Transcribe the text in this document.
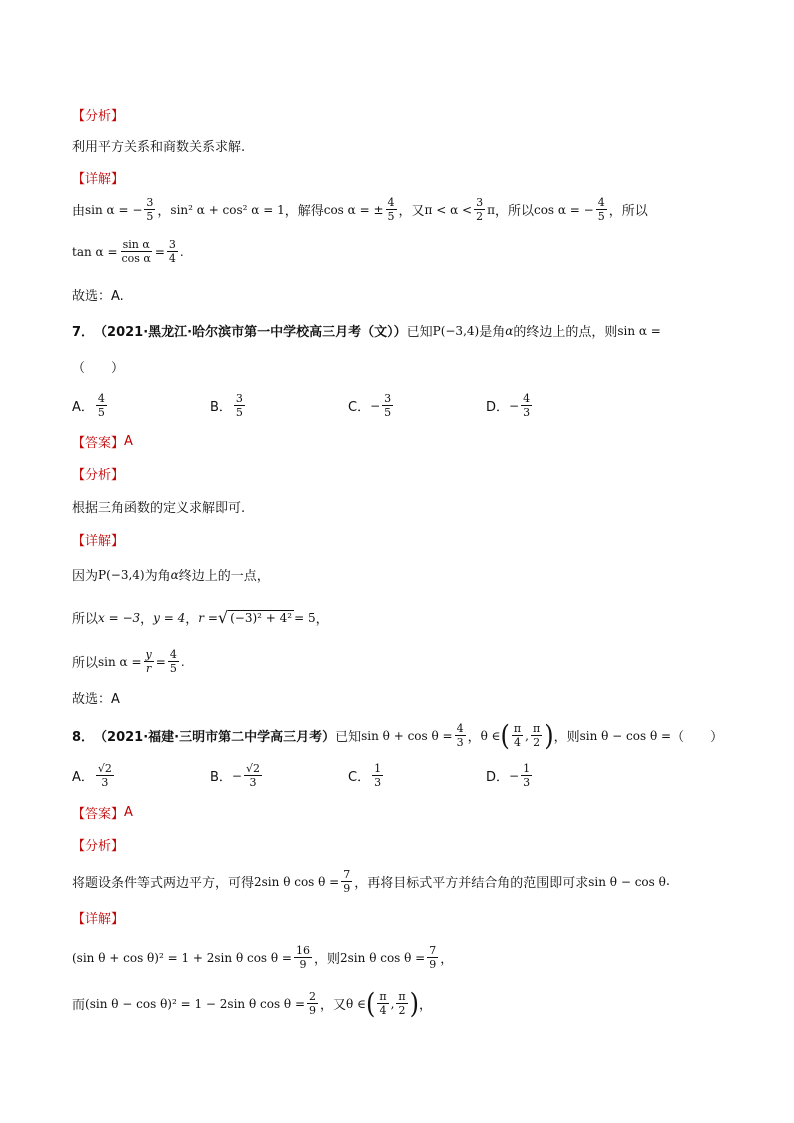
【分析】
利用平方关系和商数关系求解.
【详解】
由 sin α = − $\frac{3}{5}$ ， sin² α + cos² α = 1 ，解得 cos α = ± $\frac{4}{5}$ ，又 $\pi < \alpha < \frac{3}{2}$ π ，所以 cos α = − $\frac{4}{5}$ ，所以
$\tan \alpha = \frac{\text{sin α}}{\text{cos α}} = \frac{3}{4}$ .
故选：A.
7． （2021·黑龙江·哈尔滨市第一中学校高三月考（文）） 已知 P(−3,4) 是角 α 的终边上的点，则 sin α =
（　　）
A． $\frac{4}{5}$	B． $\frac{3}{5}$	C． − $\frac{3}{5}$	D． − $\frac{4}{3}$
【答案】 A
【分析】
根据三角函数的定义求解即可.
【详解】
因为 P(−3,4) 为角 α 终边上的一点，
所以 x = −3 ， y = 4 ， r = √ (−3)² + 4² = 5 ，
所以 $\sin \alpha = \frac{y}{r} = \frac{4}{5}$ .
故选：A
8． （2021·福建·三明市第二中学高三月考） 已知 $\sin \theta + \cos \theta = \frac{4}{3}$ ， θ ∈ ( $\frac{\pi}{4}$ , $\frac{\pi}{2}$ ) ，则 sin θ − cos θ = （　　）
A． $\frac{√2}{3}$	B． − $\frac{√2}{3}$	C． $\frac{1}{3}$	D． − $\frac{1}{3}$
【答案】 A
【分析】
将题设条件等式两边平方，可得 2sin θ $\cos \theta = \frac{7}{9}$ ，再将目标式平方并结合角的范围即可求 sin θ − cos θ .
【详解】
(sin θ + cos θ)² = 1 + 2sin θ $\cos \theta = \frac{16}{9}$ ，则 2sin θ $\cos \theta = \frac{7}{9}$ ，
而 (sin θ − cos θ)² = 1 − 2sin θ $\cos \theta = \frac{2}{9}$ ，又 θ ∈ ( $\frac{\pi}{4}$ , $\frac{\pi}{2}$ ) ，
